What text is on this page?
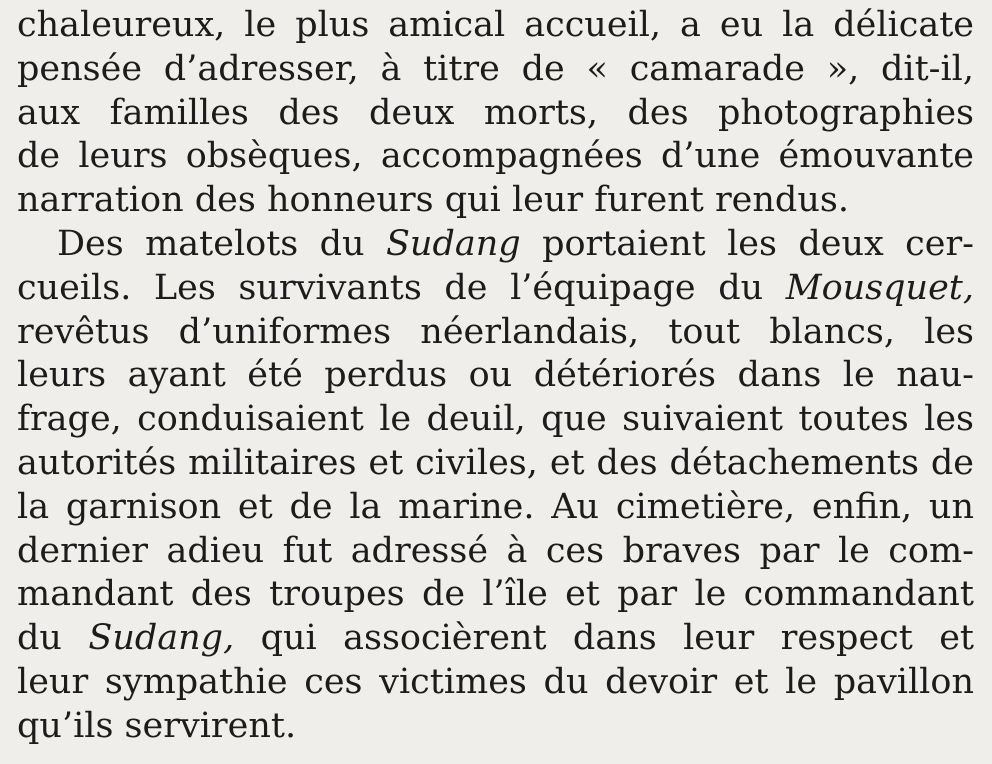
chaleureux, le plus amical accueil, a eu la délicate
pensée d’adresser, à titre de « camarade », dit-il,
aux familles des deux morts, des photographies
de leurs obsèques, accompagnées d’une émouvante
narration des honneurs qui leur furent rendus.
Des matelots du Sudang portaient les deux cer-
cueils. Les survivants de l’équipage du Mousquet,
revêtus d’uniformes néerlandais, tout blancs, les
leurs ayant été perdus ou détériorés dans le nau-
frage, conduisaient le deuil, que suivaient toutes les
autorités militaires et civiles, et des détachements de
la garnison et de la marine. Au cimetière, enfin, un
dernier adieu fut adressé à ces braves par le com-
mandant des troupes de l’île et par le commandant
du Sudang, qui associèrent dans leur respect et
leur sympathie ces victimes du devoir et le pavillon
qu’ils servirent.
